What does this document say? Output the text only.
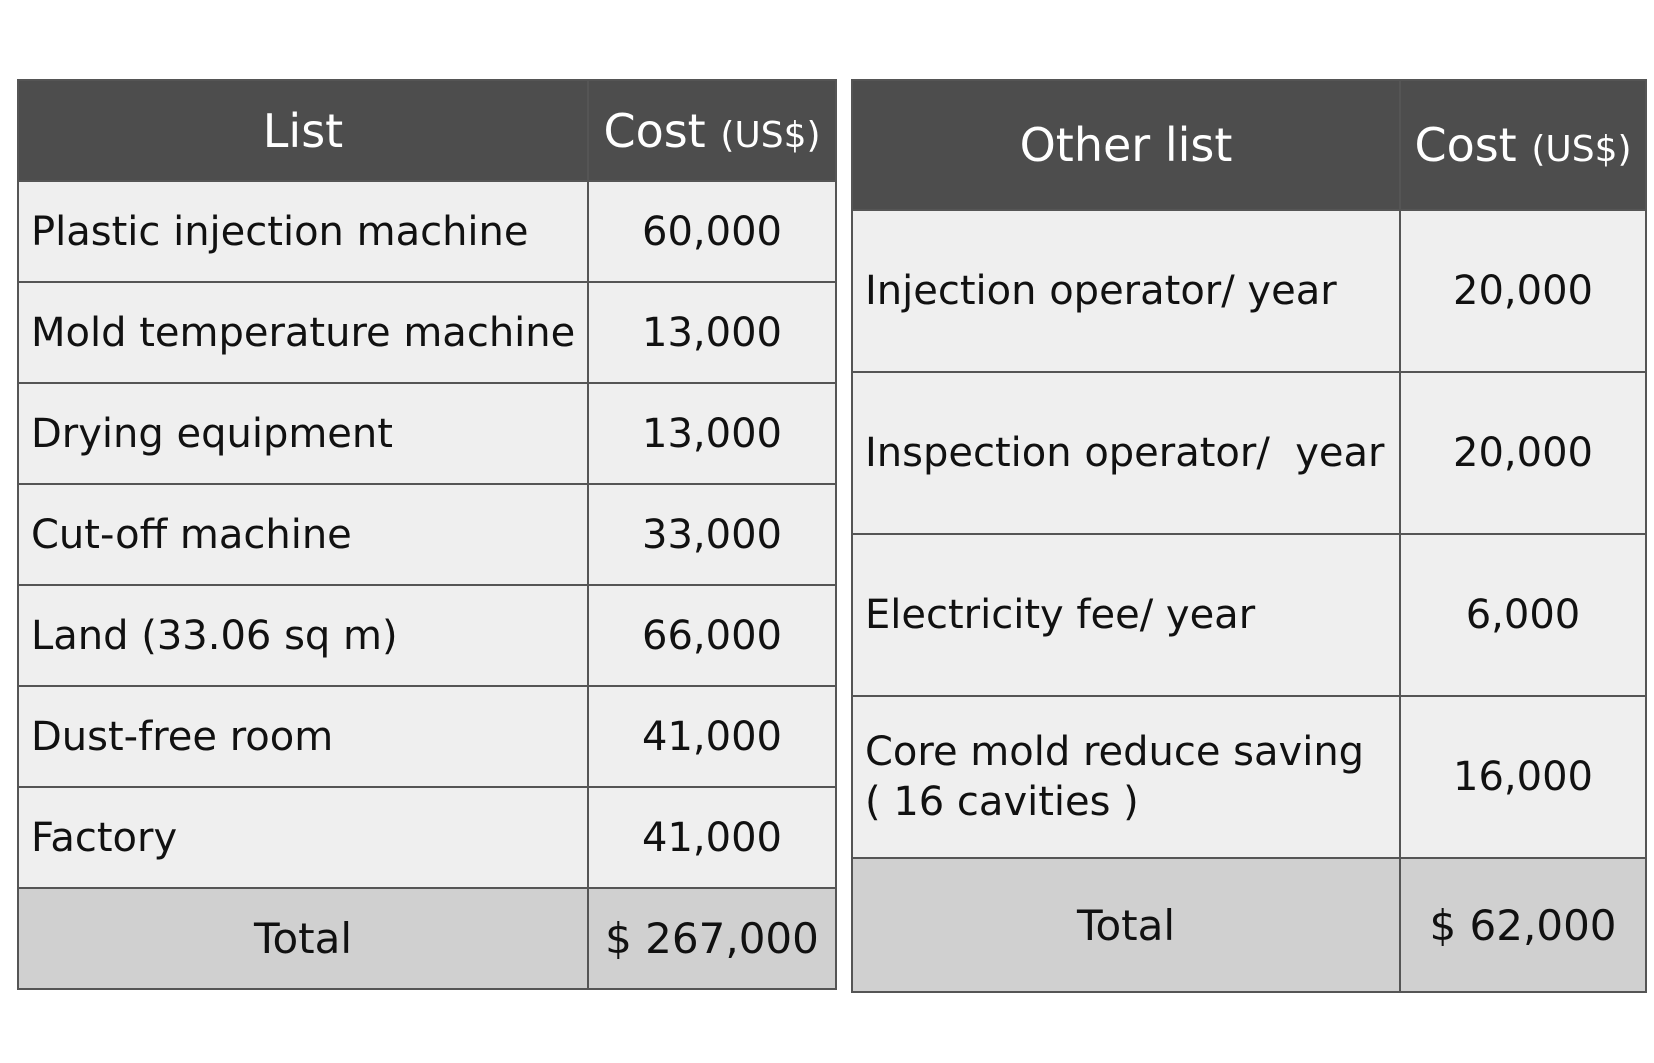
List	Cost (US$)
Plastic injection machine	60,000
Mold temperature machine	13,000
Drying equipment	13,000
Cut-off machine	33,000
Land (33.06 sq m)	66,000
Dust-free room	41,000
Factory	41,000
Total	$ 267,000
Other list	Cost (US$)
Injection operator/ year	20,000
Inspection operator/  year	20,000
Electricity fee/ year	6,000

Core mold reduce saving
( 16 cavities )	16,000
Total	$ 62,000
